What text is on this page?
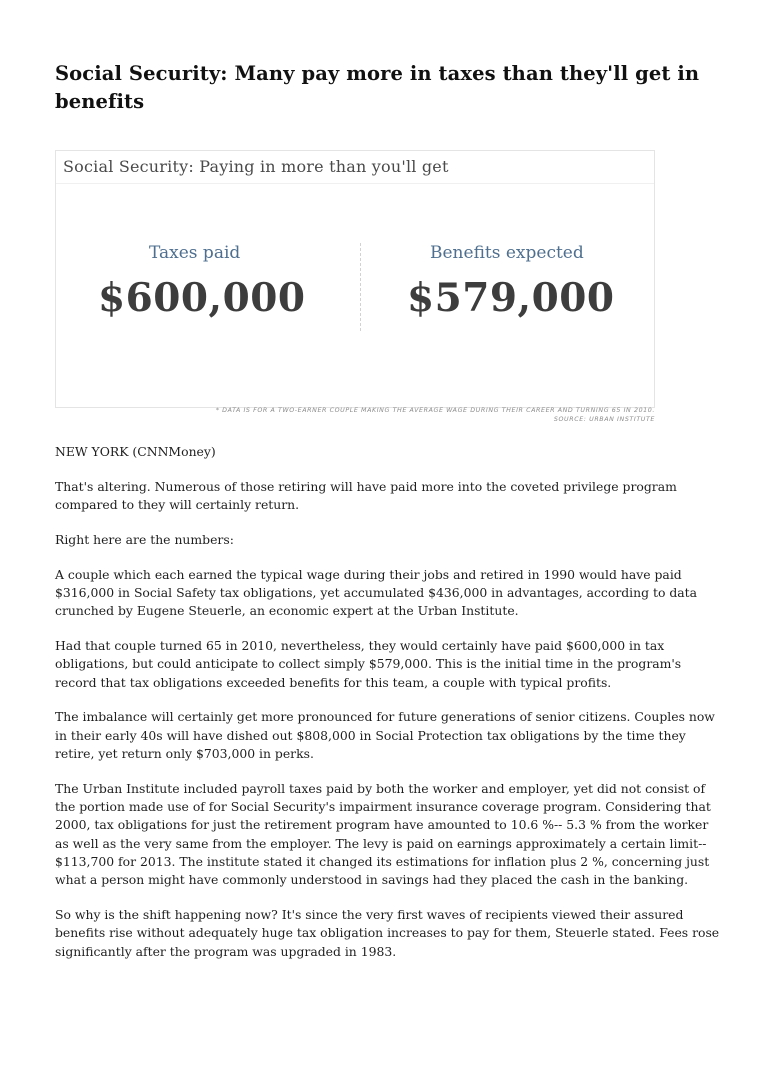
Social Security: Many pay more in taxes than they'll get in benefits
Social Security: Paying in more than you'll get
Taxes paid
$600,000
Benefits expected
$579,000
* DATA IS FOR A TWO-EARNER COUPLE MAKING THE AVERAGE WAGE DURING THEIR CAREER AND TURNING 65 IN 2010.
SOURCE: URBAN INSTITUTE

NEW YORK (CNNMoney)

That's altering. Numerous of those retiring will have paid more into the coveted privilege program compared to they will certainly return.

Right here are the numbers:

A couple which each earned the typical wage during their jobs and retired in 1990 would have paid $316,000 in Social Safety tax obligations, yet accumulated $436,000 in advantages, according to data crunched by Eugene Steuerle, an economic expert at the Urban Institute.

Had that couple turned 65 in 2010, nevertheless, they would certainly have paid $600,000 in tax obligations, but could anticipate to collect simply $579,000. This is the initial time in the program's record that tax obligations exceeded benefits for this team, a couple with typical profits.

The imbalance will certainly get more pronounced for future generations of senior citizens. Couples now in their early 40s will have dished out $808,000 in Social Protection tax obligations by the time they retire, yet return only $703,000 in perks.

The Urban Institute included payroll taxes paid by both the worker and employer, yet did not consist of the portion made use of for Social Security's impairment insurance coverage program. Considering that 2000, tax obligations for just the retirement program have amounted to 10.6 %-- 5.3 % from the worker as well as the very same from the employer. The levy is paid on earnings approximately a certain limit-- $113,700 for 2013. The institute stated it changed its estimations for inflation plus 2 %, concerning just what a person might have commonly understood in savings had they placed the cash in the banking.

So why is the shift happening now? It's since the very first waves of recipients viewed their assured benefits rise without adequately huge tax obligation increases to pay for them, Steuerle stated. Fees rose significantly after the program was upgraded in 1983.
